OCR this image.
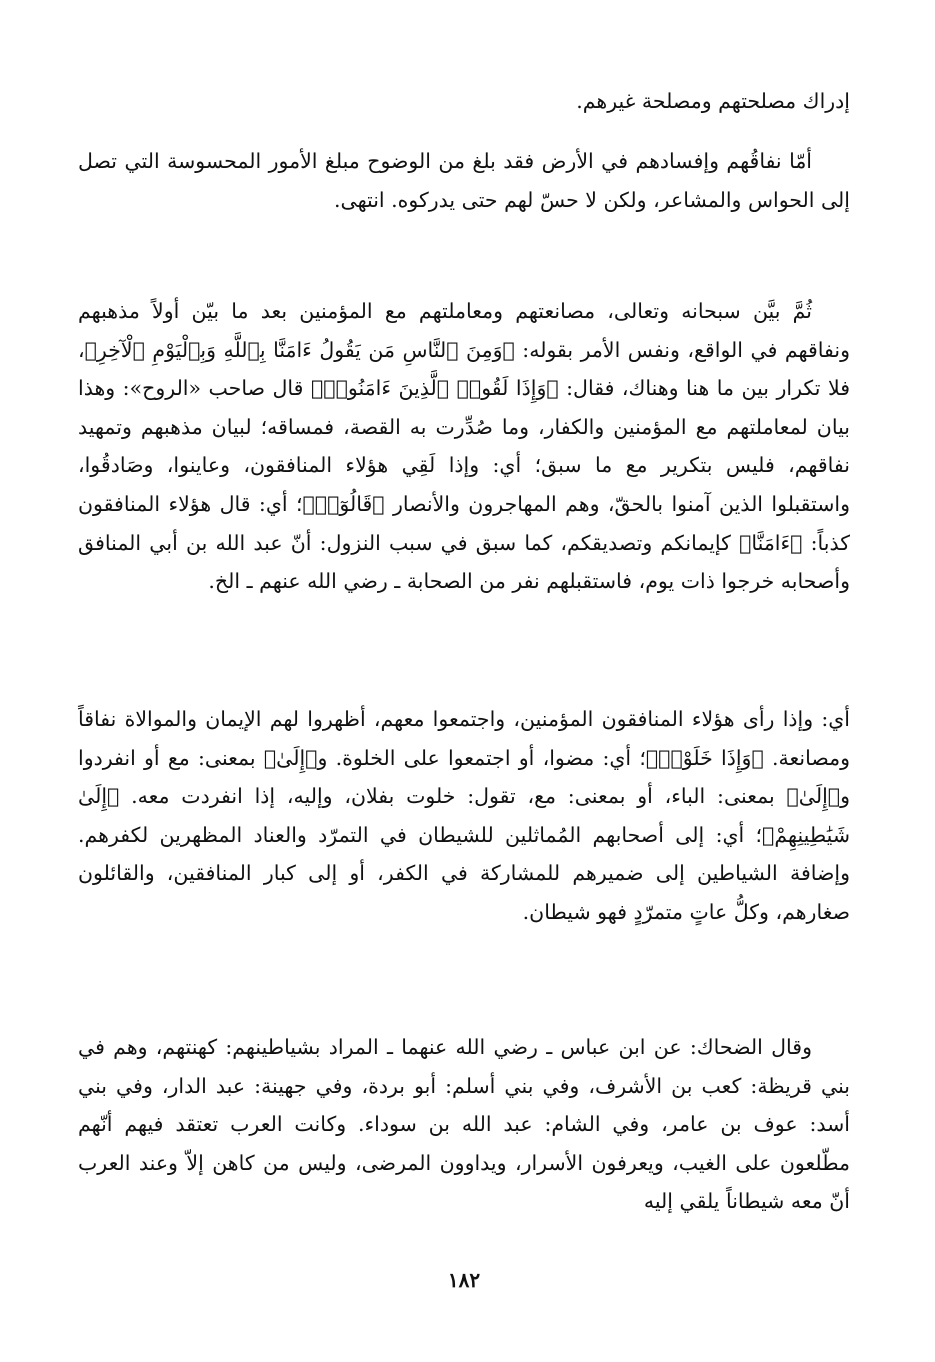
إدراك مصلحتهم ومصلحة غيرهم.

أمّا نفاقُهم وإفسادهم في الأرض فقد بلغ من الوضوح مبلغ الأمور المحسوسة التي تصل إلى الحواس والمشاعر، ولكن لا حسّ لهم حتى يدركوه. انتهى.

ثُمَّ بيَّن سبحانه وتعالى، مصانعتهم ومعاملتهم مع المؤمنين بعد ما بيّن أولاً مذهبهم ونفاقهم في الواقع، ونفس الأمر بقوله: ﴿وَمِنَ ٱلنَّاسِ مَن يَقُولُ ءَامَنَّا بِٱللَّهِ وَبِٱلْيَوْمِ ٱلْآخِرِ﴾، فلا تكرار بين ما هنا وهناك، فقال: ﴿وَإِذَا لَقُوا۟ ٱلَّذِينَ ءَامَنُوا۟﴾ قال صاحب «الروح»: وهذا بيان لمعاملتهم مع المؤمنين والكفار، وما صُدِّرت به القصة، فمساقه؛ لبيان مذهبهم وتمهيد نفاقهم، فليس بتكرير مع ما سبق؛ أي: وإذا لَقِي هؤلاء المنافقون، وعاينوا، وصَادقُوا، واستقبلوا الذين آمنوا بالحقّ، وهم المهاجرون والأنصار ﴿قَالُوٓا۟﴾؛ أي: قال هؤلاء المنافقون كذباً: ﴿ءَامَنَّا﴾ كإيمانكم وتصديقكم، كما سبق في سبب النزول: أنّ عبد الله بن أبي المنافق وأصحابه خرجوا ذات يوم، فاستقبلهم نفر من الصحابة ـ رضي الله عنهم ـ الخ.

أي: وإذا رأى هؤلاء المنافقون المؤمنين، واجتمعوا معهم، أظهروا لهم الإيمان والموالاة نفاقاً ومصانعة. ﴿وَإِذَا خَلَوْا۟﴾؛ أي: مضوا، أو اجتمعوا على الخلوة. و﴿إِلَىٰ﴾ بمعنى: مع أو انفردوا و﴿إِلَىٰ﴾ بمعنى: الباء، أو بمعنى: مع، تقول: خلوت بفلان، وإليه، إذا انفردت معه. ﴿إِلَىٰ شَيَٰطِينِهِمْ﴾؛ أي: إلى أصحابهم المُماثلين للشيطان في التمرّد والعناد المظهرين لكفرهم. وإضافة الشياطين إلى ضميرهم للمشاركة في الكفر، أو إلى كبار المنافقين، والقائلون صغارهم، وكلُّ عاتٍ متمرّدٍ فهو شيطان.

وقال الضحاك: عن ابن عباس ـ رضي الله عنهما ـ المراد بشياطينهم: كهنتهم، وهم في بني قريظة: كعب بن الأشرف، وفي بني أسلم: أبو بردة، وفي جهينة: عبد الدار، وفي بني أسد: عوف بن عامر، وفي الشام: عبد الله بن سوداء. وكانت العرب تعتقد فيهم أنّهم مطّلعون على الغيب، ويعرفون الأسرار، ويداوون المرضى، وليس من كاهن إلاّ وعند العرب أنّ معه شيطاناً يلقي إليه

١٨٢
